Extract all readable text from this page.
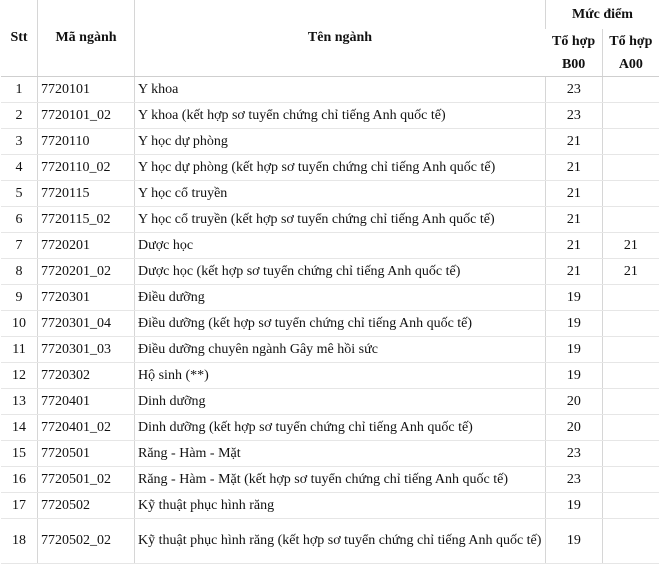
Stt	Mã ngành	Tên ngành	Mức điểm	
			Tổ hợp	Tổ hợp
			B00	A00
1	7720101	Y khoa	23	
2	7720101_02	Y khoa (kết hợp sơ tuyển chứng chỉ tiếng Anh quốc tế)	23	
3	7720110	Y học dự phòng	21	
4	7720110_02	Y học dự phòng (kết hợp sơ tuyển chứng chỉ tiếng Anh quốc tế)	21	
5	7720115	Y học cổ truyền	21	
6	7720115_02	Y học cổ truyền (kết hợp sơ tuyển chứng chỉ tiếng Anh quốc tế)	21	
7	7720201	Dược học	21	21
8	7720201_02	Dược học (kết hợp sơ tuyển chứng chỉ tiếng Anh quốc tế)	21	21
9	7720301	Điều dưỡng	19	
10	7720301_04	Điều dưỡng (kết hợp sơ tuyển chứng chỉ tiếng Anh quốc tế)	19	
11	7720301_03	Điều dưỡng chuyên ngành Gây mê hồi sức	19	
12	7720302	Hộ sinh (**)	19	
13	7720401	Dinh dưỡng	20	
14	7720401_02	Dinh dưỡng (kết hợp sơ tuyển chứng chỉ tiếng Anh quốc tế)	20	
15	7720501	Răng - Hàm - Mặt	23	
16	7720501_02	Răng - Hàm - Mặt (kết hợp sơ tuyển chứng chỉ tiếng Anh quốc tế)	23	
17	7720502	Kỹ thuật phục hình răng	19	
18	7720502_02	Kỹ thuật phục hình răng (kết hợp sơ tuyển chứng chỉ tiếng Anh quốc tế)	19	
